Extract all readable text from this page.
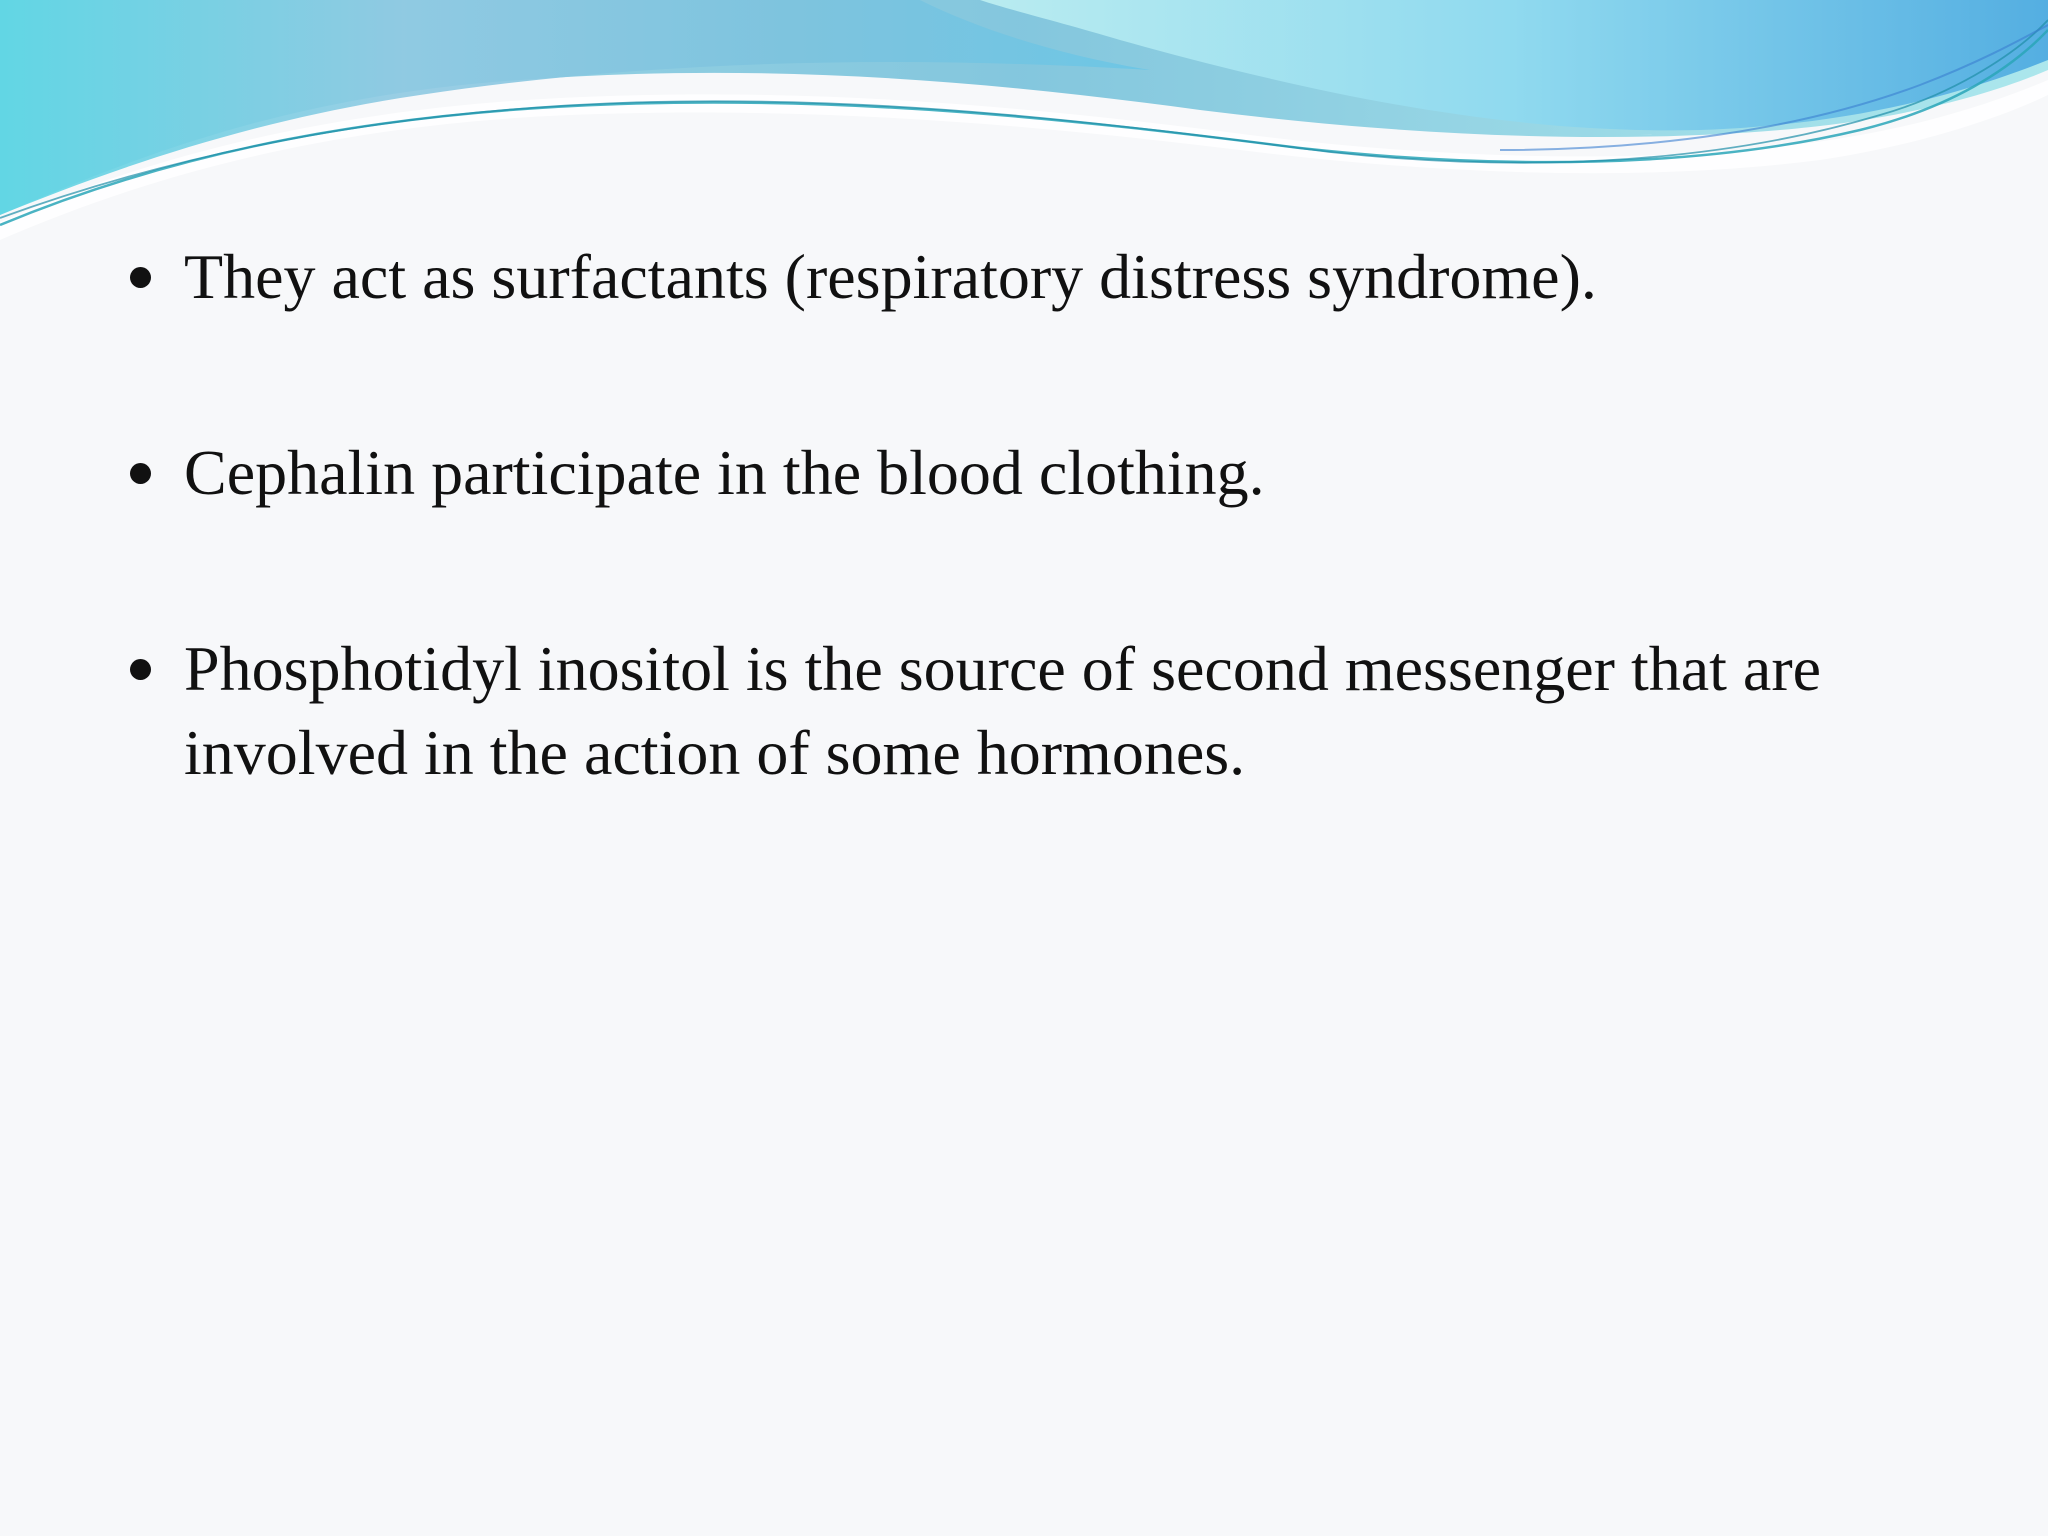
They act as surfactants (respiratory distress syndrome).
Cephalin participate in the blood clothing.
Phosphotidyl inositol is the source of second messenger that are involved in the action of some hormones.
